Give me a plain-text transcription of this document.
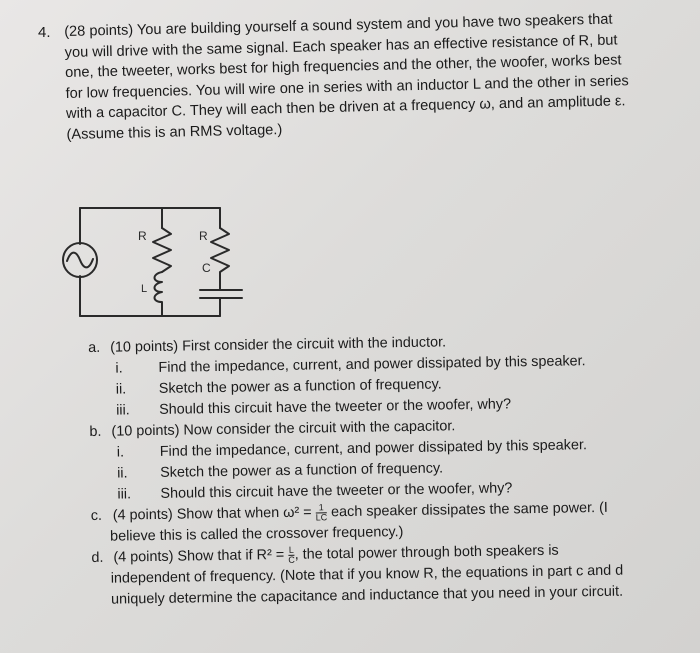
4. (28 points) You are building yourself a sound system and you have two speakers that

you will drive with the same signal. Each speaker has an effective resistance of R, but

one, the tweeter, works best for high frequencies and the other, the woofer, works best

for low frequencies. You will wire one in series with an inductor L and the other in series

with a capacitor C. They will each then be driven at a frequency ω, and an amplitude ε.

(Assume this is an RMS voltage.)

R	R
L
C
a. (10 points) First consider the circuit with the inductor.
i. Find the impedance, current, and power dissipated by this speaker.
ii. Sketch the power as a function of frequency.
iii. Should this circuit have the tweeter or the woofer, why?
b. (10 points) Now consider the circuit with the capacitor.
i. Find the impedance, current, and power dissipated by this speaker.
ii. Sketch the power as a function of frequency.
iii. Should this circuit have the tweeter or the woofer, why?
c. (4 points) Show that when $\omega^2 = \frac{1}{LC}$ each speaker dissipates the same power. (I
believe this is called the crossover frequency.)
d. (4 points) Show that if $R^2 = \frac{L}{C}$ , the total power through both speakers is
independent of frequency. (Note that if you know R, the equations in part c and d
uniquely determine the capacitance and inductance that you need in your circuit.
